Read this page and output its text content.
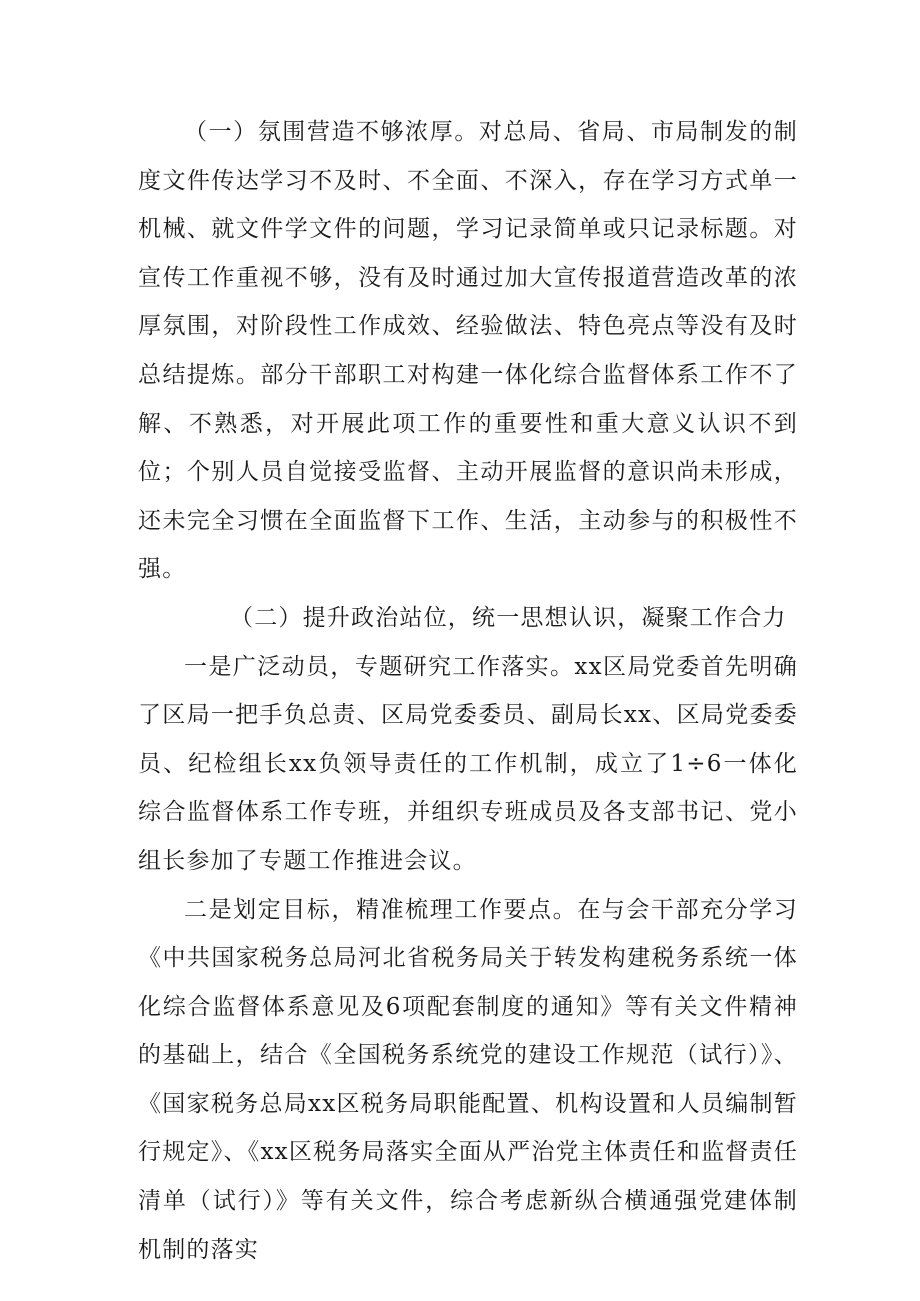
（一）氛围营造不够浓厚。对总局、省局、市局制发的制度文件传达学习不及时、不全面、不深入，存在学习方式单一机械、就文件学文件的问题，学习记录简单或只记录标题。对宣传工作重视不够，没有及时通过加大宣传报道营造改革的浓厚氛围，对阶段性工作成效、经验做法、特色亮点等没有及时总结提炼。部分干部职工对构建一体化综合监督体系工作不了解、不熟悉，对开展此项工作的重要性和重大意义认识不到位；个别人员自觉接受监督、主动开展监督的意识尚未形成，还未完全习惯在全面监督下工作、生活，主动参与的积极性不强。

（二）提升政治站位，统一思想认识，凝聚工作合力

一是广泛动员，专题研究工作落实。xx区局党委首先明确了区局一把手负总责、区局党委委员、副局长xx、区局党委委员、纪检组长xx负领导责任的工作机制，成立了1÷6一体化综合监督体系工作专班，并组织专班成员及各支部书记、党小组长参加了专题工作推进会议。

二是划定目标，精准梳理工作要点。在与会干部充分学习《中共国家税务总局河北省税务局关于转发构建税务系统一体化综合监督体系意见及6项配套制度的通知》等有关文件精神的基础上，结合《全国税务系统党的建设工作规范（试行）》、《国家税务总局xx区税务局职能配置、机构设置和人员编制暂行规定》、《xx区税务局落实全面从严治党主体责任和监督责任清单（试行）》等有关文件，综合考虑新纵合横通强党建体制机制的落实
